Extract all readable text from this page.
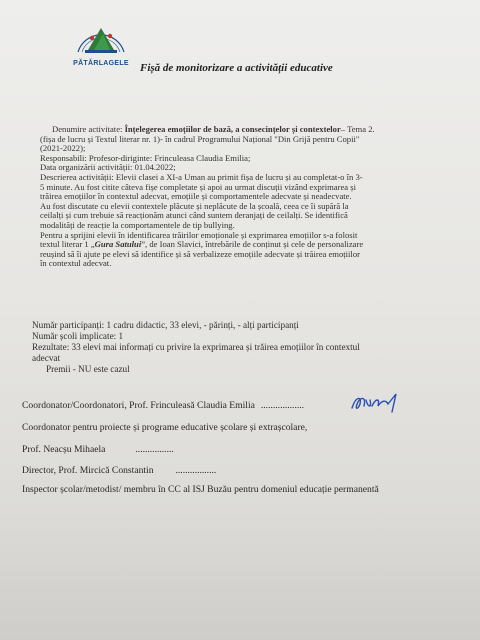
PĂTĂRLAGELE Fișă de monitorizare a activității educative

Denumire activitate: Înțelegerea emoțiilor de bază, a consecințelor și contextelor– Tema 2.

(fișa de lucru și Textul literar nr. 1)- în cadrul Programului Național "Din Grijă pentru Copii"

(2021-2022);

Responsabili: Profesor-diriginte: Frinculeasa Claudia Emilia;

Data organizării activității: 01.04.2022;

Descrierea activității: Elevii clasei a XI-a Uman au primit fișa de lucru și au completat-o în 3-

5 minute. Au fost citite câteva fișe completate și apoi au urmat discuții vizând exprimarea și

trăirea emoțiilor în contextul adecvat, emoțiile și comportamentele adecvate și neadecvate.

Au fost discutate cu elevii contextele plăcute și neplăcute de la școală, ceea ce îi supără la

ceilalți și cum trebuie să reacționăm atunci când suntem deranjați de ceilalți. Se identifică

modalități de reacție la comportamentele de tip bullying.

Pentru a sprijini elevii în identificarea trăirilor emoționale și exprimarea emoțiilor s-a folosit

textul literar 1 „Gura Satului”, de Ioan Slavici, întrebările de conținut și cele de personalizare

reușind să îi ajute pe elevi să identifice și să verbalizeze emoțiile adecvate și trăirea emoțiilor

în contextul adecvat.

Număr participanți: 1 cadru didactic, 33 elevi, - părinți, - alți participanți

Număr școli implicate: 1

Rezultate: 33 elevi mai informați cu privire la exprimarea și trăirea emoțiilor în contextul

adecvat

Premii - NU este cazul

Coordonator/Coordonatori, Prof. Frinculeasă Claudia Emilia ..................
Coordonator pentru proiecte și programe educative școlare și extrașcolare,
Prof. Neacșu Mihaela	................
Director, Prof. Mircică Constantin .................
Inspector școlar/metodist/ membru în CC al ISJ Buzău pentru domeniul educație permanentă
